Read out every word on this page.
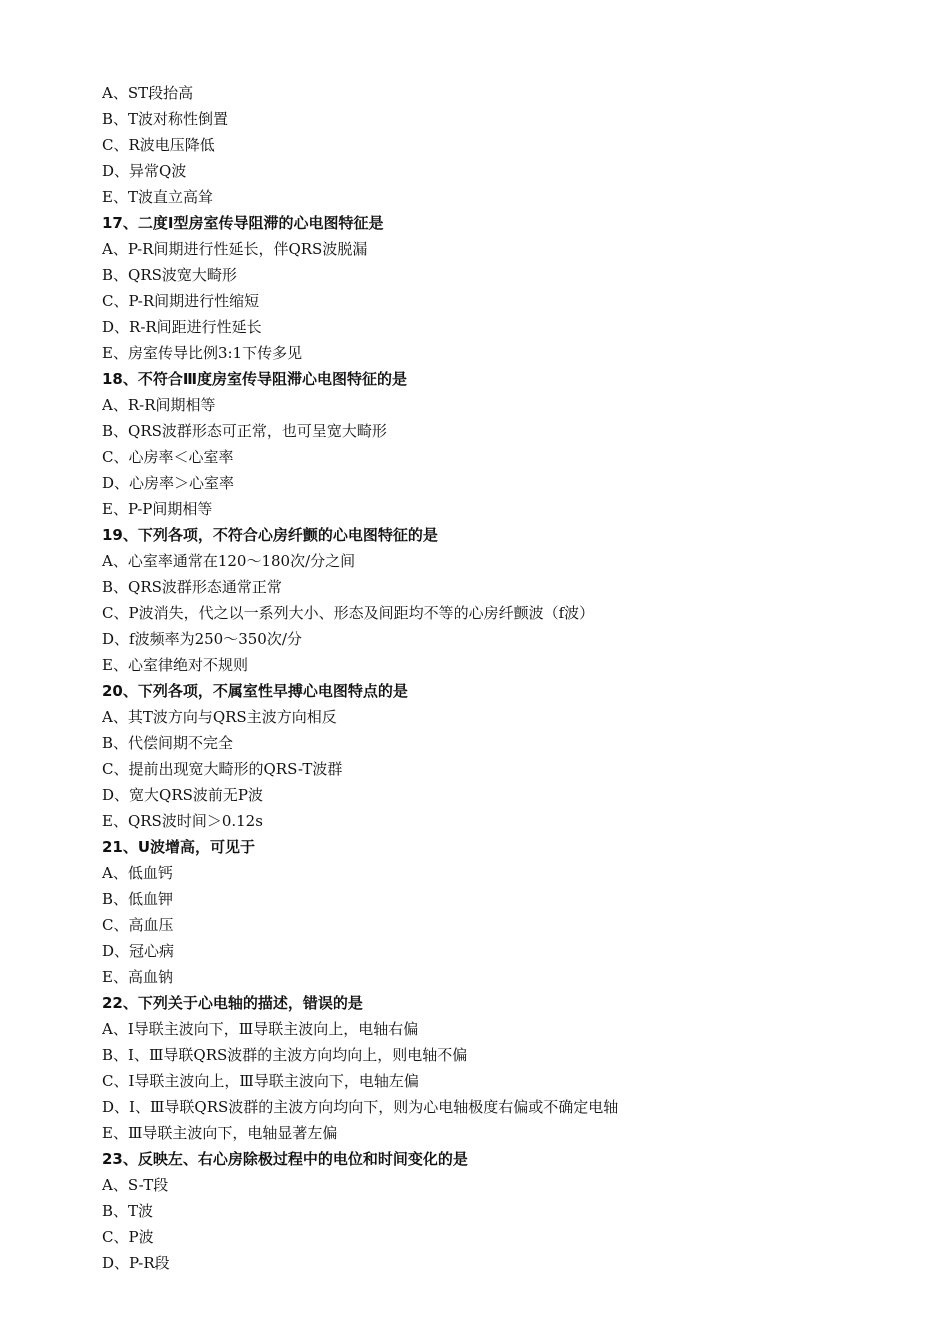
A、ST段抬高
B、T波对称性倒置
C、R波电压降低
D、异常Q波
E、T波直立高耸
17、二度Ⅰ型房室传导阻滞的心电图特征是
A、P-R间期进行性延长，伴QRS波脱漏
B、QRS波宽大畸形
C、P-R间期进行性缩短
D、R-R间距进行性延长
E、房室传导比例3:1下传多见
18、不符合Ⅲ度房室传导阻滞心电图特征的是
A、R-R间期相等
B、QRS波群形态可正常，也可呈宽大畸形
C、心房率＜心室率
D、心房率＞心室率
E、P-P间期相等
19、下列各项，不符合心房纤颤的心电图特征的是
A、心室率通常在120～180次/分之间
B、QRS波群形态通常正常
C、P波消失，代之以一系列大小、形态及间距均不等的心房纤颤波（f波）
D、f波频率为250～350次/分
E、心室律绝对不规则
20、下列各项，不属室性早搏心电图特点的是
A、其T波方向与QRS主波方向相反
B、代偿间期不完全
C、提前出现宽大畸形的QRS-T波群
D、宽大QRS波前无P波
E、QRS波时间＞0.12s
21、U波增高，可见于
A、低血钙
B、低血钾
C、高血压
D、冠心病
E、高血钠
22、下列关于心电轴的描述，错误的是
A、Ⅰ导联主波向下，Ⅲ导联主波向上，电轴右偏
B、Ⅰ、Ⅲ导联QRS波群的主波方向均向上，则电轴不偏
C、Ⅰ导联主波向上，Ⅲ导联主波向下，电轴左偏
D、Ⅰ、Ⅲ导联QRS波群的主波方向均向下，则为心电轴极度右偏或不确定电轴
E、Ⅲ导联主波向下，电轴显著左偏
23、反映左、右心房除极过程中的电位和时间变化的是
A、S-T段
B、T波
C、P波
D、P-R段
